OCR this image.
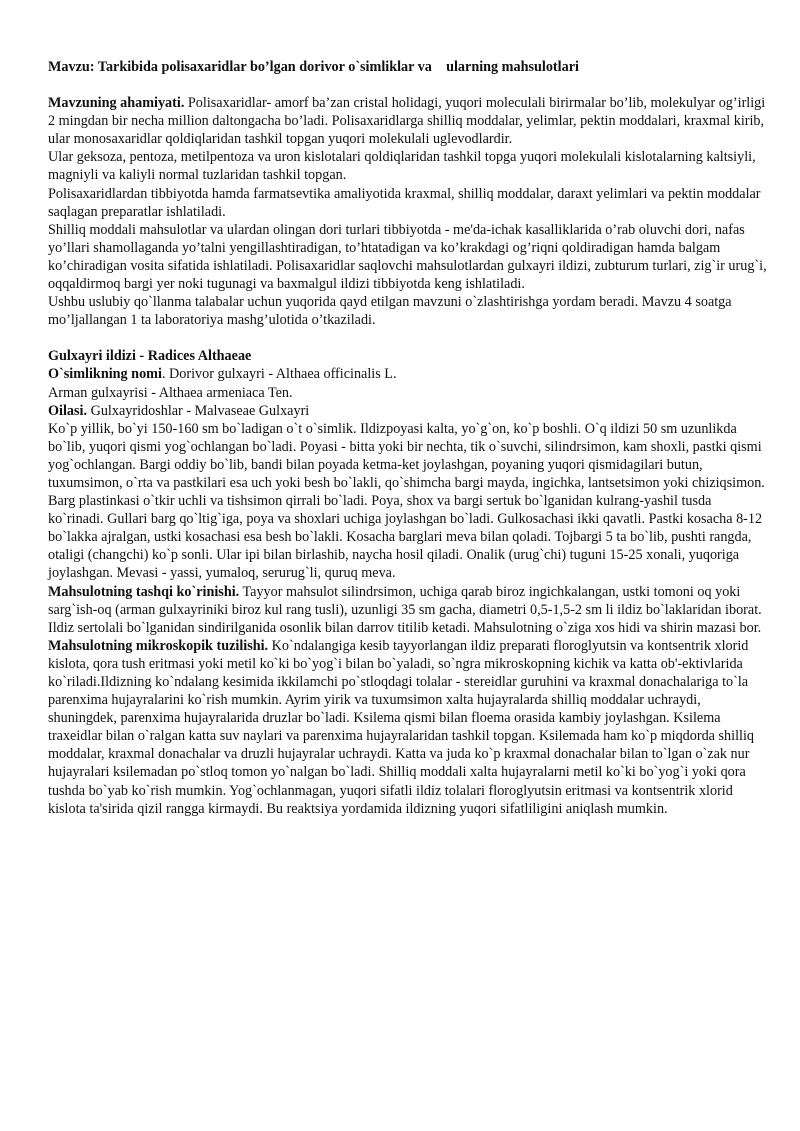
Mavzu: Tarkibida polisaxaridlar bo’lgan dorivor o`simliklar va    ularning mahsulotlari

Mavzuning ahamiyati. Polisaxaridlar- amorf ba’zan cristal holidagi, yuqori moleculali birirmalar bo’lib, molekulyar og’irligi 2 mingdan bir necha million daltongacha bo’ladi. Polisaxaridlarga shilliq moddalar, yelimlar, pektin moddalari, kraxmal kirib, ular monosaxaridlar qoldiqlaridan tashkil topgan yuqori molekulali uglevodlardir.

Ular geksoza, pentoza, metilpentoza va uron kislotalari qoldiqlaridan tashkil topga yuqori molekulali kislotalarning kaltsiyli, magniyli va kaliyli normal tuzlaridan tashkil topgan.

Polisaxaridlardan tibbiyotda hamda farmatsevtika amaliyotida kraxmal, shilliq moddalar, daraxt yelimlari va pektin moddalar saqlagan preparatlar ishlatiladi.

Shilliq moddali mahsulotlar va ulardan olingan dori turlari tibbiyotda - me'da-ichak kasalliklarida o’rab oluvchi dori, nafas yo’llari shamollaganda yo’talni yengillashtiradigan, to’htatadigan va ko’krakdagi og’riqni qoldiradigan hamda balgam ko’chiradigan vosita sifatida ishlatiladi. Polisaxaridlar saqlovchi mahsulotlardan gulxayri ildizi, zubturum turlari, zig`ir urug`i, oqqaldirmoq bargi yer noki tugunagi va baxmalgul ildizi tibbiyotda keng ishlatiladi.

Ushbu uslubiy qo`llanma talabalar uchun yuqorida qayd etilgan mavzuni o`zlashtirishga yordam beradi. Mavzu 4 soatga mo’ljallangan 1 ta laboratoriya mashg’ulotida o’tkaziladi.

Gulxayri ildizi - Radices Althaeae

O`simlikning nomi. Dorivor gulxayri - Althaea officinalis L.

Arman gulxayrisi - Althaea armeniaca Ten.

Oilasi. Gulxayridoshlar - Malvaseae Gulxayri

Ko`p yillik, bo`yi 150-160 sm bo`ladigan o`t o`simlik. Ildizpoyasi kalta, yo`g`on, ko`p boshli. O`q ildizi 50 sm uzunlikda bo`lib, yuqori qismi yog`ochlangan bo`ladi. Poyasi - bitta yoki bir nechta, tik o`suvchi, silindrsimon, kam shoxli, pastki qismi yog`ochlangan. Bargi oddiy bo`lib, bandi bilan poyada ketma-ket joylashgan, poyaning yuqori qismidagilari butun, tuxumsimon, o`rta va pastkilari esa uch yoki besh bo`lakli, qo`shimcha bargi mayda, ingichka, lantsetsimon yoki chiziqsimon. Barg plastinkasi o`tkir uchli va tishsimon qirrali bo`ladi. Poya, shox va bargi sertuk bo`lganidan kulrang-yashil tusda ko`rinadi. Gullari barg qo`ltig`iga, poya va shoxlari uchiga joylashgan bo`ladi. Gulkosachasi ikki qavatli. Pastki kosacha 8-12 bo`lakka ajralgan, ustki kosachasi esa besh bo`lakli. Kosacha barglari meva bilan qoladi. Tojbargi 5 ta bo`lib, pushti rangda, otaligi (changchi) ko`p sonli. Ular ipi bilan birlashib, naycha hosil qiladi. Onalik (urug`chi) tuguni 15-25 xonali, yuqoriga joylashgan. Mevasi - yassi, yumaloq, serurug`li, quruq meva.

Mahsulotning tashqi ko`rinishi. Tayyor mahsulot silindrsimon, uchiga qarab biroz ingichkalangan, ustki tomoni oq yoki sarg`ish-oq (arman gulxayriniki biroz kul rang tusli), uzunligi 35 sm gacha, diametri 0,5-1,5-2 sm li ildiz bo`laklaridan iborat. Ildiz sertolali bo`lganidan sindirilganida osonlik bilan darrov titilib ketadi. Mahsulotning o`ziga xos hidi va shirin mazasi bor.

Mahsulotning mikroskopik tuzilishi. Ko`ndalangiga kesib tayyorlangan ildiz preparati floroglyutsin va kontsentrik xlorid kislota, qora tush eritmasi yoki metil ko`ki bo`yog`i bilan bo`yaladi, so`ngra mikroskopning kichik va katta ob'-ektivlarida ko`riladi.Ildizning ko`ndalang kesimida ikkilamchi po`stloqdagi tolalar - stereidlar guruhini va kraxmal donachalariga to`la parenxima hujayralarini ko`rish mumkin. Ayrim yirik va tuxumsimon xalta hujayralarda shilliq moddalar uchraydi, shuningdek, parenxima hujayralarida druzlar bo`ladi. Ksilema qismi bilan floema orasida kambiy joylashgan. Ksilema traxeidlar bilan o`ralgan katta suv naylari va parenxima hujayralaridan tashkil topgan. Ksilemada ham ko`p miqdorda shilliq moddalar, kraxmal donachalar va druzli hujayralar uchraydi. Katta va juda ko`p kraxmal donachalar bilan to`lgan o`zak nur hujayralari ksilemadan po`stloq tomon yo`nalgan bo`ladi. Shilliq moddali xalta hujayralarni metil ko`ki bo`yog`i yoki qora tushda bo`yab ko`rish mumkin. Yog`ochlanmagan, yuqori sifatli ildiz tolalari floroglyutsin eritmasi va kontsentrik xlorid kislota ta'sirida qizil rangga kirmaydi. Bu reaktsiya yordamida ildizning yuqori sifatliligini aniqlash mumkin.
